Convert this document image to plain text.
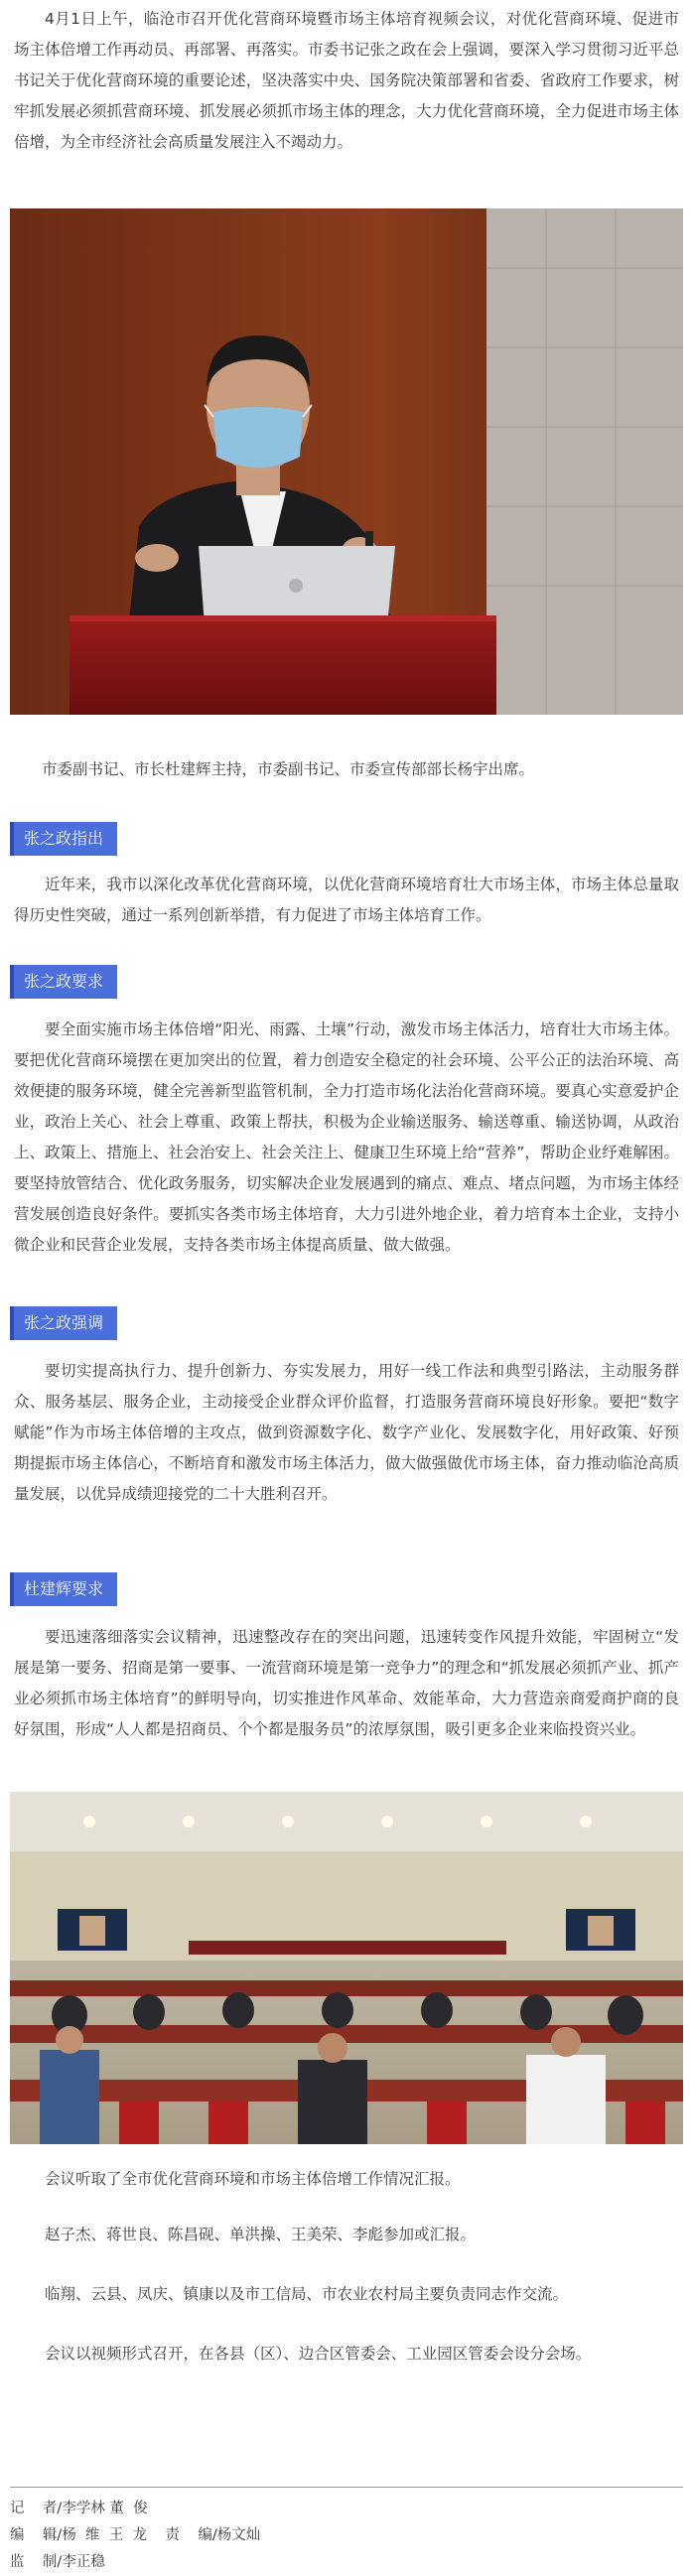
4月1日上午，临沧市召开优化营商环境暨市场主体培育视频会议，对优化营商环境、促进市场主体倍增工作再动员、再部署、再落实。市委书记张之政在会上强调，要深入学习贯彻习近平总书记关于优化营商环境的重要论述，坚决落实中央、国务院决策部署和省委、省政府工作要求，树牢抓发展必须抓营商环境、抓发展必须抓市场主体的理念，大力优化营商环境，全力促进市场主体倍增，为全市经济社会高质量发展注入不竭动力。

市委副书记、市长杜建辉主持，市委副书记、市委宣传部部长杨宇出席。

张之政指出

近年来，我市以深化改革优化营商环境，以优化营商环境培育壮大市场主体，市场主体总量取得历史性突破，通过一系列创新举措，有力促进了市场主体培育工作。

张之政要求

要全面实施市场主体倍增“阳光、雨露、土壤”行动，激发市场主体活力，培育壮大市场主体。要把优化营商环境摆在更加突出的位置，着力创造安全稳定的社会环境、公平公正的法治环境、高效便捷的服务环境，健全完善新型监管机制，全力打造市场化法治化营商环境。要真心实意爱护企业，政治上关心、社会上尊重、政策上帮扶，积极为企业输送服务、输送尊重、输送协调，从政治上、政策上、措施上、社会治安上、社会关注上、健康卫生环境上给“营养”，帮助企业纾难解困。要坚持放管结合、优化政务服务，切实解决企业发展遇到的痛点、难点、堵点问题，为市场主体经营发展创造良好条件。要抓实各类市场主体培育，大力引进外地企业，着力培育本土企业，支持小微企业和民营企业发展，支持各类市场主体提高质量、做大做强。

张之政强调

要切实提高执行力、提升创新力、夯实发展力，用好一线工作法和典型引路法，主动服务群众、服务基层、服务企业，主动接受企业群众评价监督，打造服务营商环境良好形象。要把“数字赋能”作为市场主体倍增的主攻点，做到资源数字化、数字产业化、发展数字化，用好政策、好预期提振市场主体信心，不断培育和激发市场主体活力，做大做强做优市场主体，奋力推动临沧高质量发展，以优异成绩迎接党的二十大胜利召开。

杜建辉要求

要迅速落细落实会议精神，迅速整改存在的突出问题，迅速转变作风提升效能，牢固树立“发展是第一要务、招商是第一要事、一流营商环境是第一竞争力”的理念和“抓发展必须抓产业、抓产业必须抓市场主体培育”的鲜明导向，切实推进作风革命、效能革命，大力营造亲商爱商护商的良好氛围，形成“人人都是招商员、个个都是服务员”的浓厚氛围，吸引更多企业来临投资兴业。

会议听取了全市优化营商环境和市场主体倍增工作情况汇报。

赵子杰、蒋世良、陈昌砚、单洪操、王美荣、李彪参加或汇报。

临翔、云县、凤庆、镇康以及市工信局、市农业农村局主要负责同志作交流。

会议以视频形式召开，在各县（区）、边合区管委会、工业园区管委会设分会场。

记    者/李学林 董  俊
编    辑/杨  维  王  龙    责    编/杨文灿
监    制/李正稳
